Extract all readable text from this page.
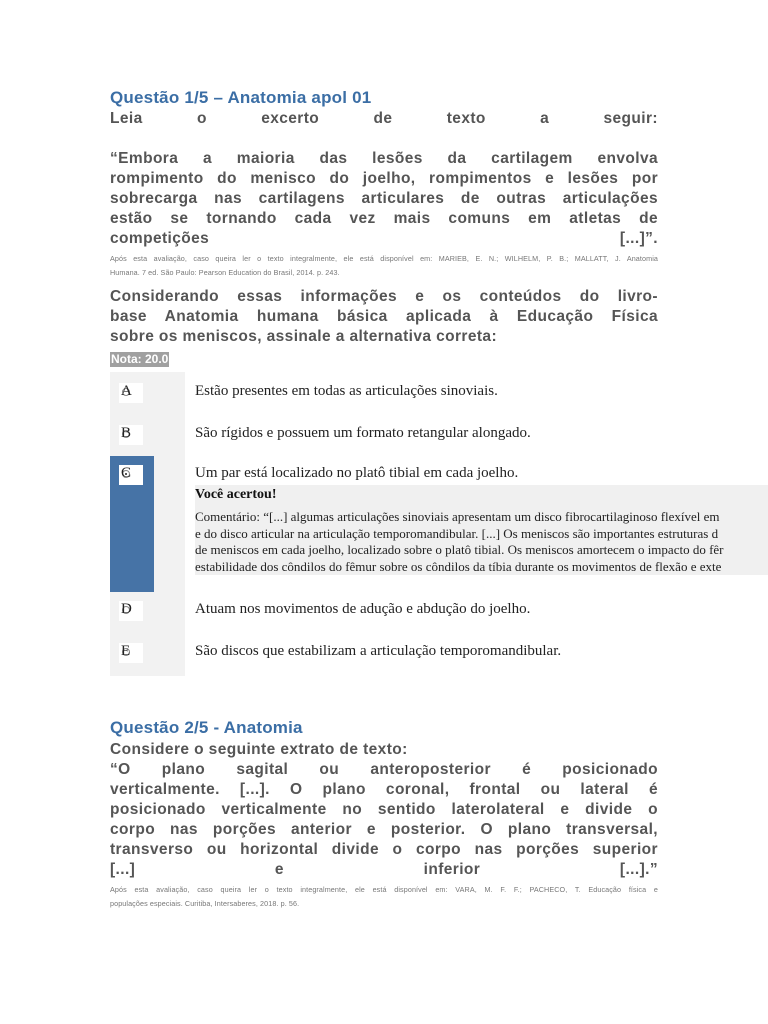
Questão 1/5 – Anatomia apol 01
Leia o excerto de texto a seguir:
“Embora a maioria das lesões da cartilagem envolva
rompimento do menisco do joelho, rompimentos e lesões por
sobrecarga nas cartilagens articulares de outras articulações
estão se tornando cada vez mais comuns em atletas de
competições [...]”.
Após esta avaliação, caso queira ler o texto integralmente, ele está disponível em: MARIEB, E. N.; WILHELM, P. B.; MALLATT, J. Anatomia
Humana. 7 ed. São Paulo: Pearson Education do Brasil, 2014. p. 243.
Considerando essas informações e os conteúdos do livro-
base Anatomia humana básica aplicada à Educação Física
sobre os meniscos, assinale a alternativa correta:
Nota: 20.0
A	Estão presentes em todas as articulações sinoviais.
B	São rígidos e possuem um formato retangular alongado.
C	Um par está localizado no platô tibial em cada joelho.
Você acertou!
Comentário: “[...] algumas articulações sinoviais apresentam um disco fibrocartilaginoso flexível em
e do disco articular na articulação temporomandibular. [...] Os meniscos são importantes estruturas d
de meniscos em cada joelho, localizado sobre o platô tibial. Os meniscos amortecem o impacto do fêr
estabilidade dos côndilos do fêmur sobre os côndilos da tíbia durante os movimentos de flexão e exte
D	Atuam nos movimentos de adução e abdução do joelho.
E	São discos que estabilizam a articulação temporomandibular.
Questão 2/5 - Anatomia
Considere o seguinte extrato de texto:
“O plano sagital ou anteroposterior é posicionado
verticalmente. [...]. O plano coronal, frontal ou lateral é
posicionado verticalmente no sentido laterolateral e divide o
corpo nas porções anterior e posterior. O plano transversal,
transverso ou horizontal divide o corpo nas porções superior
[...] e inferior [...].”
Após esta avaliação, caso queira ler o texto integralmente, ele está disponível em: VARA, M. F. F.; PACHECO, T. Educação física e
populações especiais. Curitiba, Intersaberes, 2018. p. 56.
